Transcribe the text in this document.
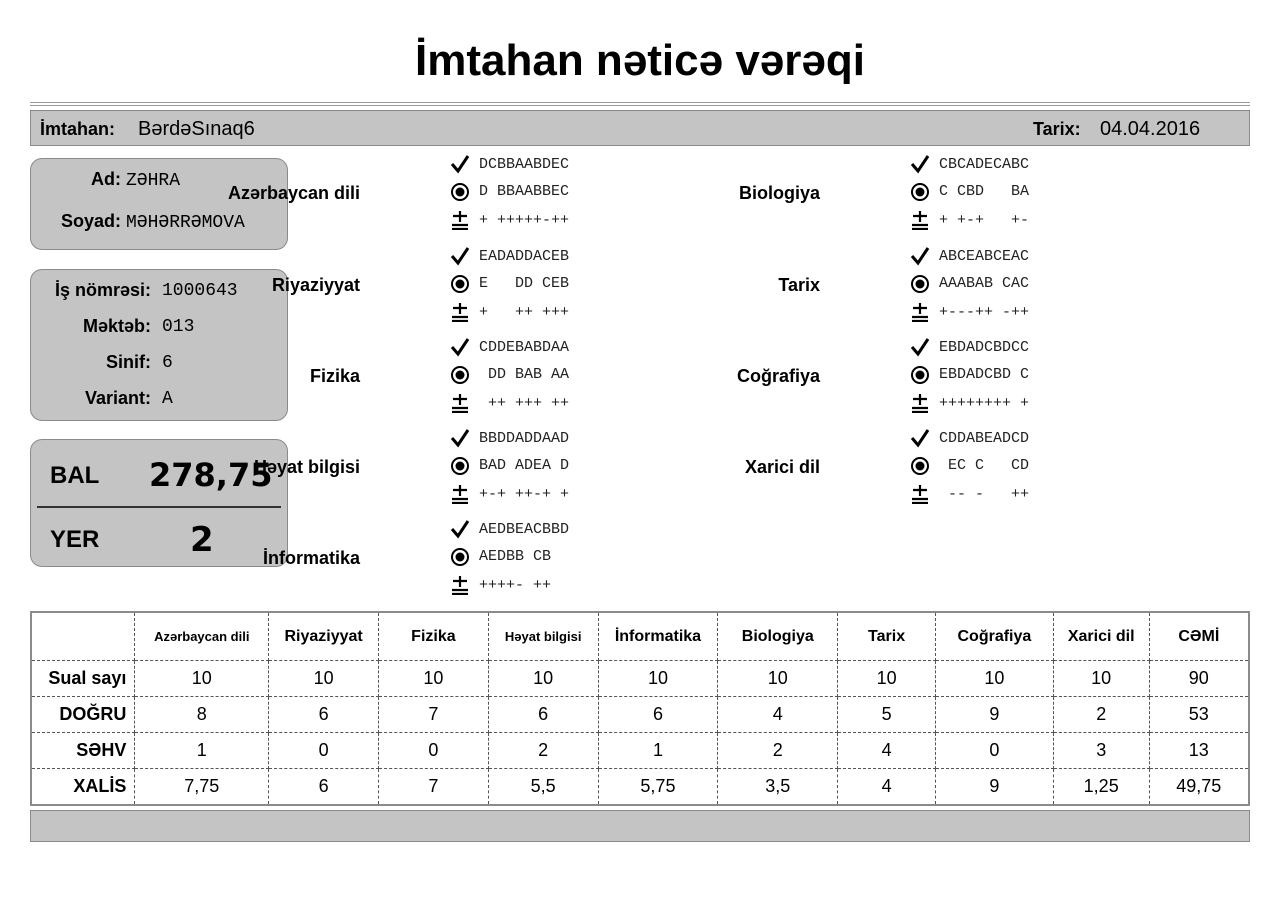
İmtahan nəticə vərəqi
İmtahan: BərdəSınaq6	Tarix: 04.04.2016
Ad: ZƏHRA
Soyad: MƏHƏRRƏMOVA
İş nömrəsi: 1000643
Məktəb: 013
Sinif: 6
Variant: A
BAL 278,75
YER	2
Azərbaycan dili
DCBBAABDEC
D BBAABBEC
+ +++++-++
Riyaziyyat
EADADDACEB
E   DD CEB
+   ++ +++
Fizika
CDDEBABDAA
DD BAB AA
++ +++ ++
Həyat bilgisi
BBDDADDAAD
BAD ADEA D
+-+ ++-+ +
İnformatika
AEDBEACBBD
AEDBB CB
++++- ++
Biologiya
CBCADECABC
C CBD   BA
+ +-+   +-
Tarix
ABCEABCEAC
AAABAB CAC
+---++ -++
Coğrafiya
EBDADCBDCC
EBDADCBD C
++++++++ +
Xarici dil
CDDABEADCD
EC C   CD
-- -   ++
	Azərbaycan dili	Riyaziyyat	Fizika	Həyat bilgisi	İnformatika	Biologiya	Tarix	Coğrafiya	Xarici dil	CƏMİ
Sual sayı	10	10	10	10	10	10	10	10	10	90
DOĞRU	8	6	7	6	6	4	5	9	2	53
SƏHV	1	0	0	2	1	2	4	0	3	13
XALİS	7,75	6	7	5,5	5,75	3,5	4	9	1,25	49,75
